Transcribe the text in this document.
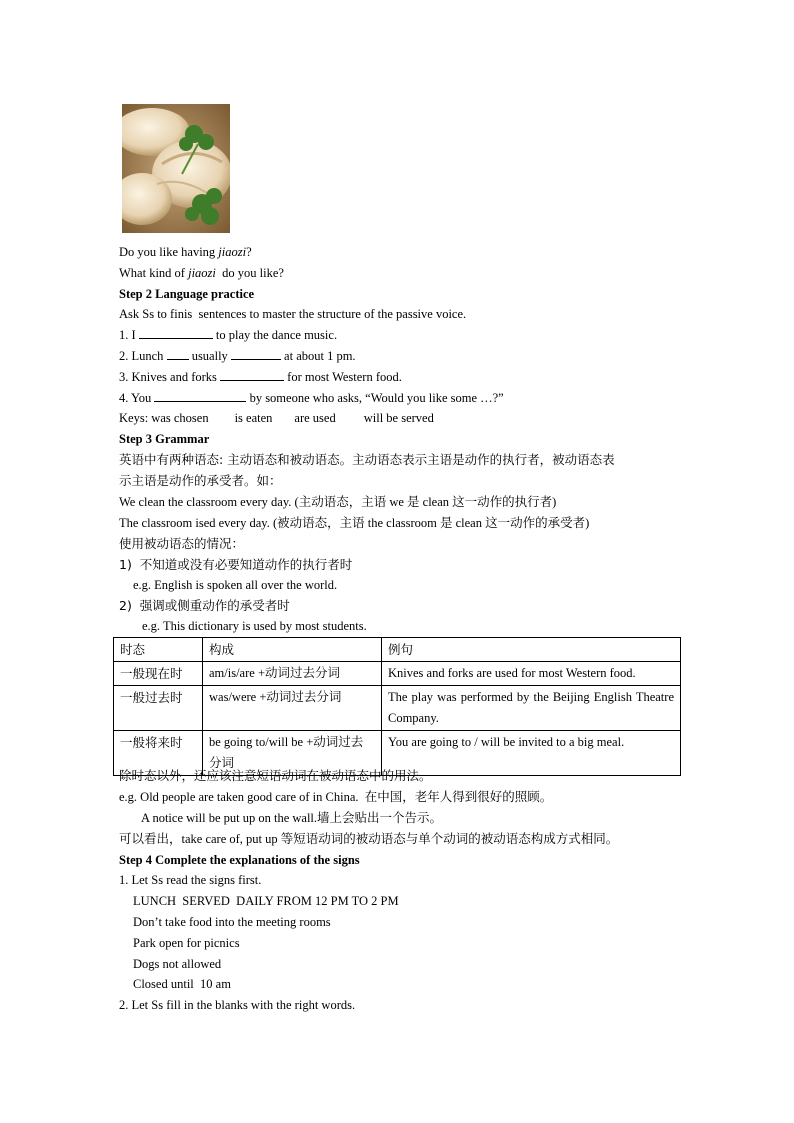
Do you like having jiaozi?
What kind of jiaozi  do you like?
Step 2 Language practice
Ask Ss to finis  sentences to master the structure of the passive voice.
1. I	to play the dance music.
2. Lunch  usually	at about 1 pm.
3. Knives and forks	for most Western food.
4. You	by someone who asks, “Would you like some …?”
Keys: was chosen is eaten are used will be served
Step 3 Grammar
英语中有两种语态: 主动语态和被动语态。主动语态表示主语是动作的执行者，被动语态表
示主语是动作的承受者。如：
We clean the classroom every day. (主动语态，主语 we 是 clean 这一动作的执行者)
The classroom ised every day. (被动语态，主语 the classroom 是 clean 这一动作的承受者)
使用被动语态的情况：
1)  不知道或没有必要知道动作的执行者时
e.g. English is spoken all over the world.
2)  强调或侧重动作的承受者时
e.g. This dictionary is used by most students.
时态	构成	例句
一般现在时	am/is/are +动词过去分词	Knives and forks are used for most Western food.
一般过去时	was/were +动词过去分词	The play was performed by the Beijing English Theatre Company.
一般将来时	be going to/will be +动词过去分词	You are going to / will be invited to a big meal.
除时态以外，还应该注意短语动词在被动语态中的用法。
e.g. Old people are taken good care of in China.  在中国，老年人得到很好的照顾。
A notice will be put up on the wall.墙上会贴出一个告示。
可以看出，take care of, put up 等短语动词的被动语态与单个动词的被动语态构成方式相同。
Step 4 Complete the explanations of the signs
1. Let Ss read the signs first.
LUNCH  SERVED  DAILY FROM 12 PM TO 2 PM
Don’t take food into the meeting rooms
Park open for picnics
Dogs not allowed
Closed until  10 am
2. Let Ss fill in the blanks with the right words.
